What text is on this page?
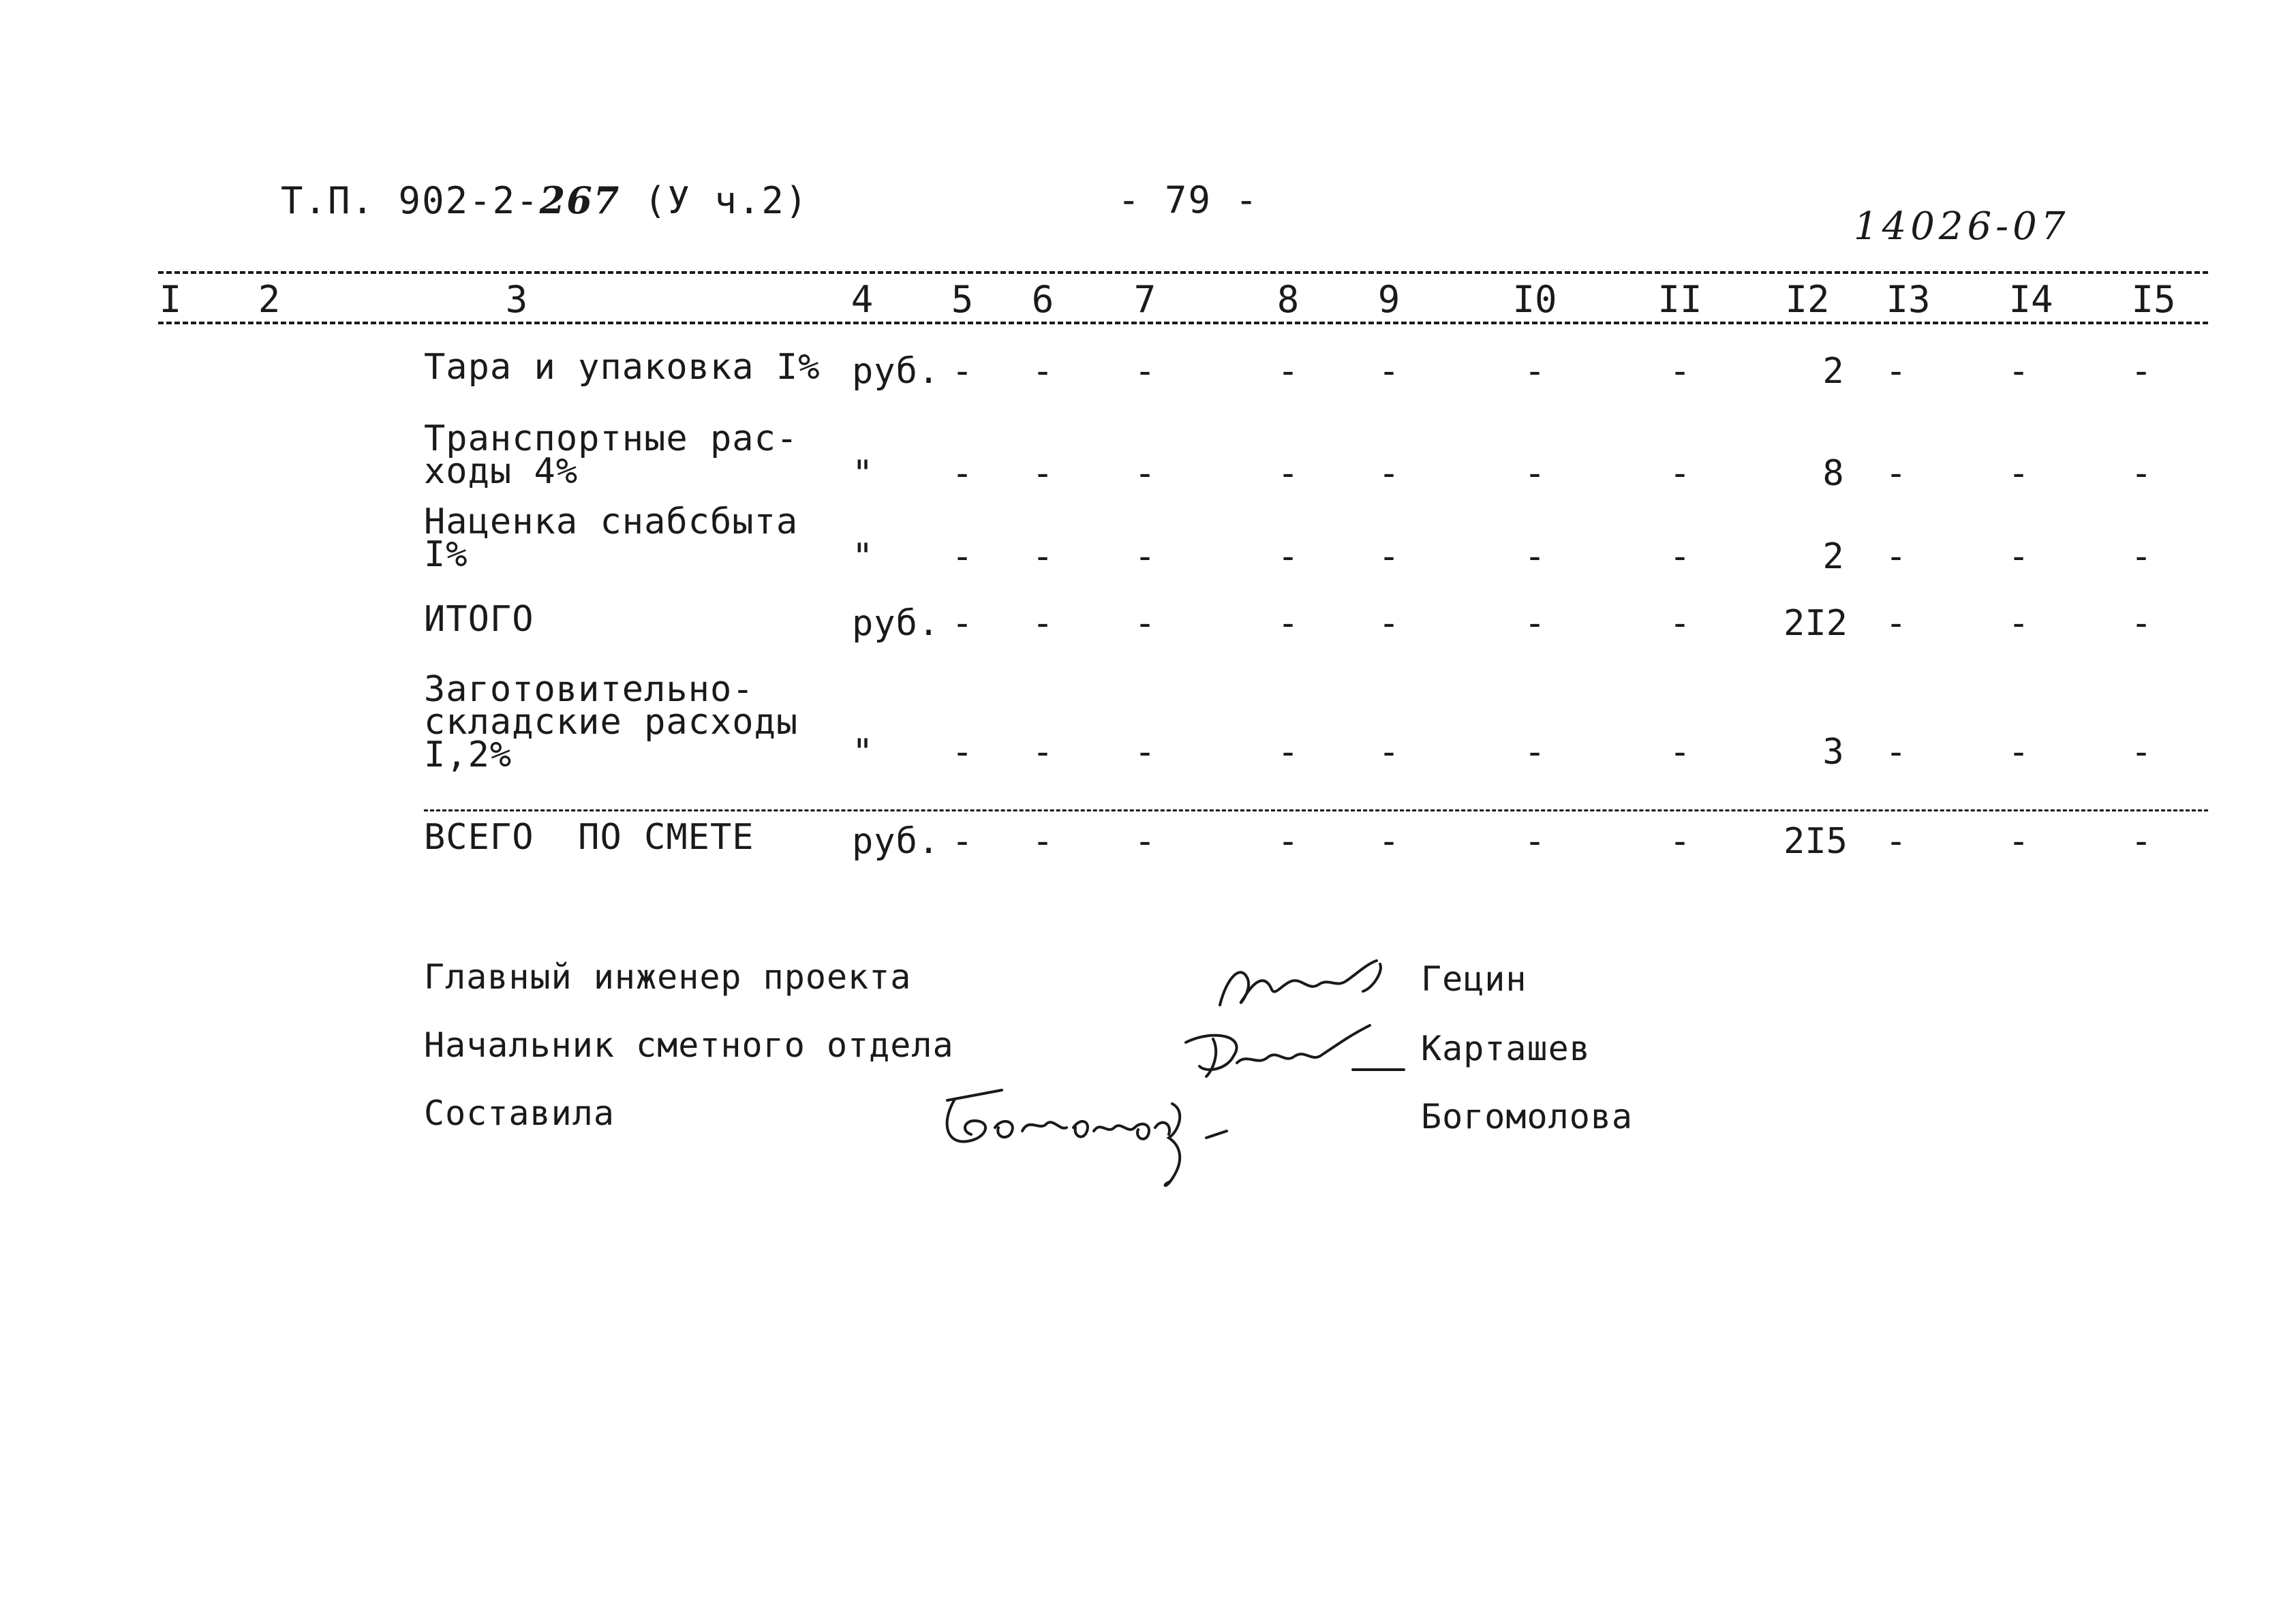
Т.П. 902-2-267 (У ч.2)	- 79 -
14026-07
I	2	3	4	5	6	7	8	9	I0	II	I2	I3	I4	I5
Тара и упаковка I% руб. -	-	-	-	-	-	-	2	-	-	-
Транспортные рас-
ходы 4%	"	-	-	-	-	-	-	-	8	-	-	-
Наценка снабсбыта
I%	"	-	-	-	-	-	-	-	2	-	-	-
ИТОГО	руб. -	-	-	-	-	-	-	2I2	-	-	-
Заготовительно-
складские расходы
I,2%	"	-	-	-	-	-	-	-	3	-	-	-
ВСЕГО  ПО СМЕТЕ	руб. -	-	-	-	-	-	-	2I5	-	-	-
Главный инженер проекта	Гецин
Начальник сметного отдела	Карташев
Составила	Богомолова
